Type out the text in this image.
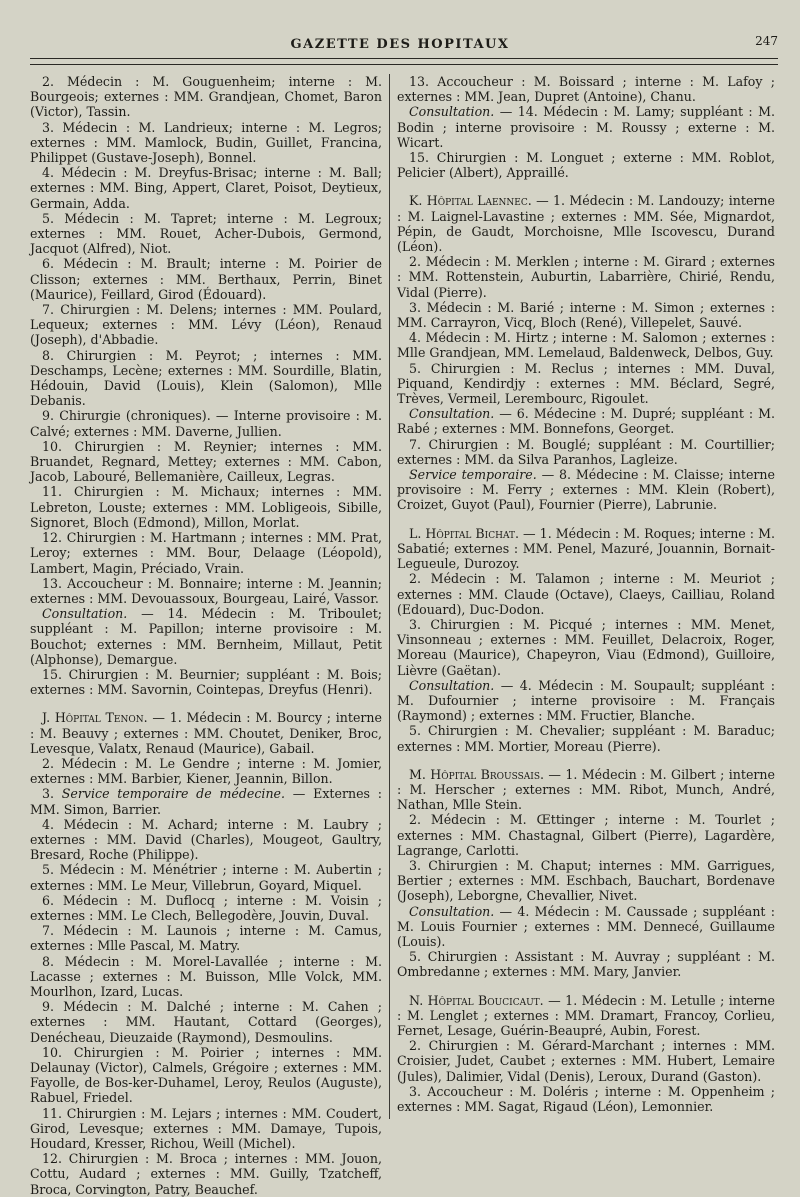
GAZETTE DES HOPITAUX	247

2. Médecin : M. Gouguenheim; interne : M. Bourgeois; externes : MM. Grandjean, Chomet, Baron (Victor), Tassin.

3. Médecin : M. Landrieux; interne : M. Legros; externes : MM. Mamlock, Budin, Guillet, Francina, Philippet (Gustave-Joseph), Bonnel.

4. Médecin : M. Dreyfus-Brisac; interne : M. Ball; externes : MM. Bing, Appert, Claret, Poisot, Deytieux, Germain, Adda.

5. Médecin : M. Tapret; interne : M. Legroux; externes : MM. Rouet, Acher-Dubois, Germond, Jacquot (Alfred), Niot.

6. Médecin : M. Brault; interne : M. Poirier de Clisson; externes : MM. Berthaux, Perrin, Binet (Maurice), Feillard, Girod (Édouard).

7. Chirurgien : M. Delens; internes : MM. Poulard, Lequeux; externes : MM. Lévy (Léon), Renaud (Joseph), d'Abbadie.

8. Chirurgien : M. Peyrot; ; internes : MM. Deschamps, Lecène; externes : MM. Sourdille, Blatin, Hédouin, David (Louis), Klein (Salomon), Mlle Debanis.

9. Chirurgie (chroniques). — Interne provisoire : M. Calvé; externes : MM. Daverne, Jullien.

10. Chirurgien : M. Reynier; internes : MM. Bruandet, Regnard, Mettey; externes : MM. Cabon, Jacob, Labouré, Bellemanière, Cailleux, Legras.

11. Chirurgien : M. Michaux; internes : MM. Lebreton, Louste; externes : MM. Lobligeois, Sibille, Signoret, Bloch (Edmond), Millon, Morlat.

12. Chirurgien : M. Hartmann ; internes : MM. Prat, Leroy; externes : MM. Bour, Delaage (Léopold), Lambert, Magin, Préciado, Vrain.

13. Accoucheur : M. Bonnaire; interne : M. Jeannin; externes : MM. Devouassoux, Bourgeau, Lairé, Vassor.

Consultation. — 14. Médecin : M. Triboulet; suppléant : M. Papillon; interne provisoire : M. Bouchot; externes : MM. Bernheim, Millaut, Petit (Alphonse), Demargue.

15. Chirurgien : M. Beurnier; suppléant : M. Bois; externes : MM. Savornin, Cointepas, Dreyfus (Henri).

J. Hôpital Tenon. — 1. Médecin : M. Bourcy ; interne : M. Beauvy ; externes : MM. Choutet, Deniker, Broc, Levesque, Valatx, Renaud (Maurice), Gabail.

2. Médecin : M. Le Gendre ; interne : M. Jomier, externes : MM. Barbier, Kiener, Jeannin, Billon.

3. Service temporaire de médecine. — Externes : MM. Simon, Barrier.

4. Médecin : M. Achard; interne : M. Laubry ; externes : MM. David (Charles), Mougeot, Gaultry, Bresard, Roche (Philippe).

5. Médecin : M. Ménétrier ; interne : M. Aubertin ; externes : MM. Le Meur, Villebrun, Goyard, Miquel.

6. Médecin : M. Duflocq ; interne : M. Voisin ; externes : MM. Le Clech, Bellegodère, Jouvin, Duval.

7. Médecin : M. Launois ; interne : M. Camus, externes : Mlle Pascal, M. Matry.

8. Médecin : M. Morel-Lavallée ; interne : M. Lacasse ; externes : M. Buisson, Mlle Volck, MM. Mourlhon, Izard, Lucas.

9. Médecin : M. Dalché ; interne : M. Cahen ; externes : MM. Hautant, Cottard (Georges), Denécheau, Dieuzaide (Raymond), Desmoulins.

10. Chirurgien : M. Poirier ; internes : MM. Delaunay (Victor), Calmels, Grégoire ; externes : MM. Fayolle, de Bos-ker-Duhamel, Leroy, Reulos (Auguste), Rabuel, Friedel.

11. Chirurgien : M. Lejars ; internes : MM. Coudert, Girod, Levesque; externes : MM. Damaye, Tupois, Houdard, Kresser, Richou, Weill (Michel).

12. Chirurgien : M. Broca ; internes : MM. Jouon, Cottu, Audard ; externes : MM. Guilly, Tzatcheff, Broca, Corvington, Patry, Beauchef.

13. Accoucheur : M. Boissard ; interne : M. Lafoy ; externes : MM. Jean, Dupret (Antoine), Chanu.

Consultation. — 14. Médecin : M. Lamy; suppléant : M. Bodin ; interne provisoire : M. Roussy ; externe : M. Wicart.

15. Chirurgien : M. Longuet ; externe : MM. Roblot, Pelicier (Albert), Appraillé.

K. Hôpital Laennec. — 1. Médecin : M. Landouzy; interne : M. Laignel-Lavastine ; externes : MM. Sée, Mignardot, Pépin, de Gaudt, Morchoisne, Mlle Iscovescu, Durand (Léon).

2. Médecin : M. Merklen ; interne : M. Girard ; externes : MM. Rottenstein, Auburtin, Labarrière, Chirié, Rendu, Vidal (Pierre).

3. Médecin : M. Barié ; interne : M. Simon ; externes : MM. Carrayron, Vicq, Bloch (René), Villepelet, Sauvé.

4. Médecin : M. Hirtz ; interne : M. Salomon ; externes : Mlle Grandjean, MM. Lemelaud, Baldenweck, Delbos, Guy.

5. Chirurgien : M. Reclus ; internes : MM. Duval, Piquand, Kendirdjy : externes : MM. Béclard, Segré, Trèves, Vermeil, Lerembourc, Rigoulet.

Consultation. — 6. Médecine : M. Dupré; suppléant : M. Rabé ; externes : MM. Bonnefons, Georget.

7. Chirurgien : M. Bouglé; suppléant : M. Courtillier; externes : MM. da Silva Paranhos, Lagleize.

Service temporaire. — 8. Médecine : M. Claisse; interne provisoire : M. Ferry ; externes : MM. Klein (Robert), Croizet, Guyot (Paul), Fournier (Pierre), Labrunie.

L. Hôpital Bichat. — 1. Médecin : M. Roques; interne : M. Sabatié; externes : MM. Penel, Mazuré, Jouannin, Bornait-Legueule, Durozoy.

2. Médecin : M. Talamon ; interne : M. Meuriot ; externes : MM. Claude (Octave), Claeys, Cailliau, Roland (Edouard), Duc-Dodon.

3. Chirurgien : M. Picqué ; internes : MM. Menet, Vinsonneau ; externes : MM. Feuillet, Delacroix, Roger, Moreau (Maurice), Chapeyron, Viau (Edmond), Guilloire, Lièvre (Gaëtan).

Consultation. — 4. Médecin : M. Soupault; suppléant : M. Dufournier ; interne provisoire : M. Français (Raymond) ; externes : MM. Fructier, Blanche.

5. Chirurgien : M. Chevalier; suppléant : M. Baraduc; externes : MM. Mortier, Moreau (Pierre).

M. Hôpital Broussais. — 1. Médecin : M. Gilbert ; interne : M. Herscher ; externes : MM. Ribot, Munch, André, Nathan, Mlle Stein.

2. Médecin : M. Œttinger ; interne : M. Tourlet ; externes : MM. Chastagnal, Gilbert (Pierre), Lagardère, Lagrange, Carlotti.

3. Chirurgien : M. Chaput; internes : MM. Garrigues, Bertier ; externes : MM. Eschbach, Bauchart, Bordenave (Joseph), Leborgne, Chevallier, Nivet.

Consultation. — 4. Médecin : M. Caussade ; suppléant : M. Louis Fournier ; externes : MM. Dennecé, Guillaume (Louis).

5. Chirurgien : Assistant : M. Auvray ; suppléant : M. Ombredanne ; externes : MM. Mary, Janvier.

N. Hôpital Boucicaut. — 1. Médecin : M. Letulle ; interne : M. Lenglet ; externes : MM. Dramart, Francoy, Corlieu, Fernet, Lesage, Guérin-Beaupré, Aubin, Forest.

2. Chirurgien : M. Gérard-Marchant ; internes : MM. Croisier, Judet, Caubet ; externes : MM. Hubert, Lemaire (Jules), Dalimier, Vidal (Denis), Leroux, Durand (Gaston).

3. Accoucheur : M. Doléris ; interne : M. Oppenheim ; externes : MM. Sagat, Rigaud (Léon), Lemonnier.
